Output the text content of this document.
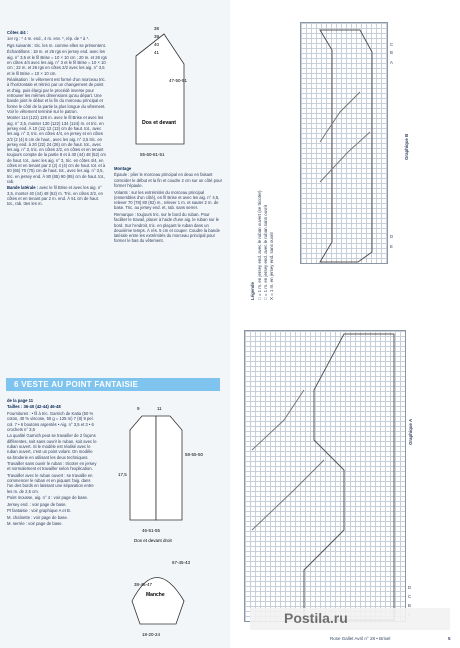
Côtes 4/4 :

1er rg : * 4 m. end., 4 m. env. *, rép. de * à *.

Rgs suivants : tric. les m. comme elles se présentent.

Échantillons : 18 m. et 26 rgs en jersey end. avec les aig. n° 3,5 et le fil Brise = 10 × 10 cm ; 20 m. et 26 rgs en côtes 4/4 avec les aig. n° 3 et le fil Brise = 10 × 10 cm ; 22 m. et 26 rgs en côtes 2/2 avec les aig. n° 3,5 et le fil Brise = 10 × 10 cm.

Réalisation : le vêtement est formé d'un morceau tric. à l'horizontale et rétréci par un changement de point et d'aig. puis élargi par le procédé inverse pour retrouver les mêmes dimensions qu'au départ. Une bande joint le début et la fin du morceau principal et forme le côté de la partie la plus longue du vêtement. Voir le vêtement terminé sur le patron.

Monter 114 (122) 126 m. avec le fil Brise et avec les aig. n° 3,5, monter 130 (122) 134 (124) m. et tric. en jersey end. À 10 (11) 12 (13) cm de haut. tot., avec les aig. n° 3, tric. en côtes 4/4, en jersey et en côtes 2/2 (2 (4) 6 cm de haut., avec les aig. n° 3,5 tric. en jersey end. à 20 (22) 24 (26) cm de haut. tot., avec les aig. n° 3, tric. en côtes 2/2, en côtes et en tenant toujours compte de la partie 8 et à 40 (44) 48 (52) cm de haut. tot., avec les aig. n° 3, tric. en côtes 4/4, en côtes et en tenant par 2 (2) 4 (4) cm de haut. tot. et à 60 (65) 70 (75) cm de haut. tot., avec les aig. n° 3,5, tric. en jersey end. À 80 (85) 90 (95) cm de haut. tot., rab.

Bande latérale : avec le fil Brise et avec les aig. n° 3,5, monter 40 (44) 48 (52) m. Tric. en côtes 2/2, en côtes et en tenant par 2 m. end. À 51 cm de haut. tot., rab. ttes les m.

38
39
40
41
47-50-51
Dos et devant
55-60-61-51

Montage

Épaule : plier le morceau principal en deux en faisant coïncider le début et la fin et coudre 2 cm sur un côté pour former l'épaule.

Volants : sur les extrémités du morceau principal (ensembles d'un côté), en fil Brise et avec les aig. n° 4,5, relever 70 (78) 80 (82) m., relever 1 m. et sauter 2 m. de base. Tric. au jersey end. et, rab. sans serrer.

Remarque : toujours tric. sur le bord du ruban. Pour faciliter le travail, placer à l'aide d'une aig. le ruban sur le bord. Sur l'endroit, tric. en plaçant le ruban dans un deuxième temps. À rés. 5 cm et couper. Coudre la bande latérale entre les extrémités du morceau principal pour former le bas du vêtement.

6 VESTE AU POINT FANTAISIE

de la page 11

Tailles : 36-40 (42-44) 46-48

Fournitures : • fil à tric. Garnich de Katia (60 % coton, 40 % viscose, 50 g = 125 m) 7 (8) 9 pel. col. 7 • 6 boutons argentés • Aig. n° 3,5 et 3 • 6 crochets n° 3,5

La qualité Garnich peut se travailler de 2 façons différentes, soit sans ouvrir le ruban, soit avec le ruban ouvert. Si le modèle est réalisé avec le ruban ouvert, c'est un point volant. On modèle sa broderie en utilisant les deux techniques.

Travailler sans ouvrir le ruban : tricoter en jersey et normalement et travailler selon l'explication.

Travailler avec le ruban ouvert : se travaille en commencer le ruban et en piquant l'aig. dans l'un des bords en laissant une séparation entre les m. de 2,5 cm.

Point mousse, aig. n° 4 : voir page de base.

Jersey end. : voir page de base.

Pt fantaisie : voir graphique A et B.

M. chaînette : voir page de base.

M. serrée : voir page de base.

9	11
58-55-50
17,5
46-51-55
Dos et devant droit
67-45-43
38-45-47
Manche
18-20-24
C
B
A
D
E
Graphique B
Légende □ = 1 m. en jersey end. avec le ruban ouvert (se tricoter) □ = 1 m. en jersey end. avec le ruban sans ouvrir X = 1 m. en jersey end. sans ouvrir
Graphique A
D
C
B
Postila.ru
Rose Gallet Avril n° 28 • Brisel	5
